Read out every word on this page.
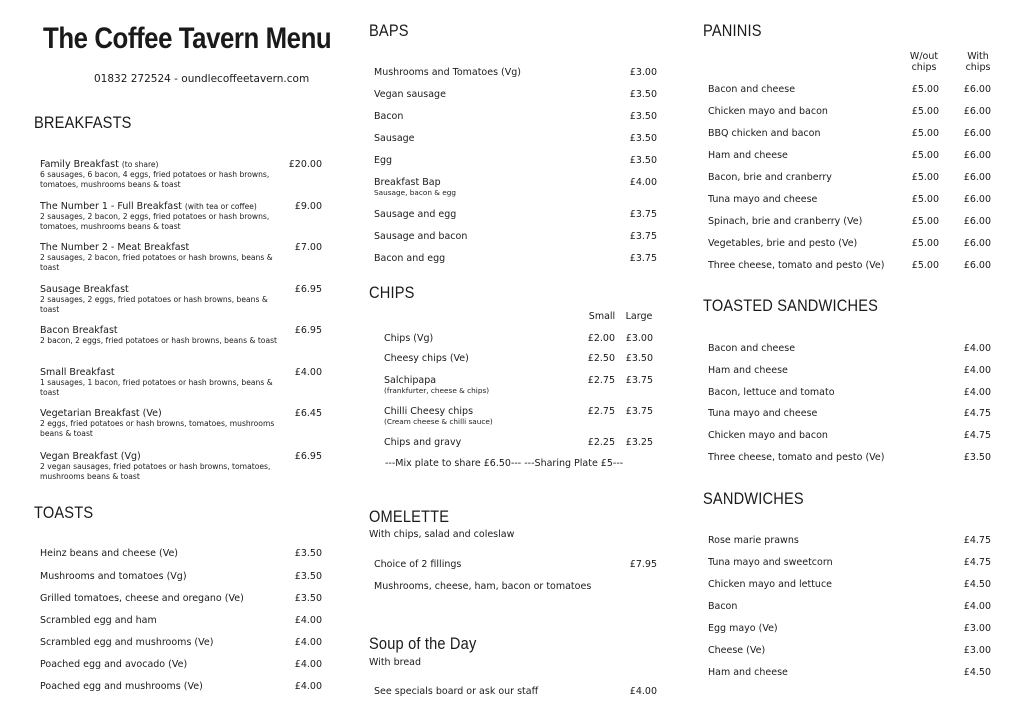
The Coffee Tavern Menu
01832 272524 - oundlecoffeetavern.com
BREAKFASTS
Family Breakfast (to share)
6 sausages, 6 bacon, 4 eggs, fried potatoes or hash browns, tomatoes, mushrooms beans & toast
£20.00
The Number 1 - Full Breakfast (with tea or coffee)
2 sausages, 2 bacon, 2 eggs, fried potatoes or hash browns, tomatoes, mushrooms beans & toast
£9.00
The Number 2 - Meat Breakfast
2 sausages, 2 bacon, fried potatoes or hash browns, beans & toast
£7.00
Sausage Breakfast
2 sausages, 2 eggs, fried potatoes or hash browns, beans & toast
£6.95
Bacon Breakfast
2 bacon, 2 eggs, fried potatoes or hash browns, beans & toast
£6.95
Small Breakfast
1 sausages, 1 bacon, fried potatoes or hash browns, beans & toast
£4.00
Vegetarian Breakfast (Ve)
2 eggs, fried potatoes or hash browns, tomatoes, mushrooms beans & toast
£6.45
Vegan Breakfast (Vg)
2 vegan sausages, fried potatoes or hash browns, tomatoes, mushrooms beans & toast
£6.95
TOASTS
Heinz beans and cheese (Ve)	£3.50
Mushrooms and tomatoes (Vg)	£3.50
Grilled tomatoes, cheese and oregano (Ve)	£3.50
Scrambled egg and ham	£4.00
Scrambled egg and mushrooms (Ve)	£4.00
Poached egg and avocado (Ve)	£4.00
Poached egg and mushrooms (Ve)	£4.00
BAPS
Mushrooms and Tomatoes (Vg)	£3.00
Vegan sausage	£3.50
Bacon	£3.50
Sausage	£3.50
Egg	£3.50
Breakfast Bap
Sausage, bacon & egg
£4.00
Sausage and egg	£3.75
Sausage and bacon	£3.75
Bacon and egg	£3.75
CHIPS
Small	Large
Chips (Vg)	£2.00	£3.00
Cheesy chips (Ve)	£2.50	£3.50
Salchipapa
(frankfurter, cheese & chips)
£2.75	£3.75
Chilli Cheesy chips
(Cream cheese & chilli sauce)
£2.75	£3.75
Chips and gravy	£2.25	£3.25
---Mix plate to share £6.50--- ---Sharing Plate £5---
OMELETTE
With chips, salad and coleslaw
Choice of 2 fillings	£7.95
Mushrooms, cheese, ham, bacon or tomatoes
Soup of the Day
With bread
See specials board or ask our staff	£4.00
PANINIS
W/out
chips
With
chips
Bacon and cheese	£5.00	£6.00
Chicken mayo and bacon	£5.00	£6.00
BBQ chicken and bacon	£5.00	£6.00
Ham and cheese	£5.00	£6.00
Bacon, brie and cranberry	£5.00	£6.00
Tuna mayo and cheese	£5.00	£6.00
Spinach, brie and cranberry (Ve)	£5.00	£6.00
Vegetables, brie and pesto (Ve)	£5.00	£6.00
Three cheese, tomato and pesto (Ve)	£5.00	£6.00
TOASTED SANDWICHES
Bacon and cheese	£4.00
Ham and cheese	£4.00
Bacon, lettuce and tomato	£4.00
Tuna mayo and cheese	£4.75
Chicken mayo and bacon	£4.75
Three cheese, tomato and pesto (Ve)	£3.50
SANDWICHES
Rose marie prawns	£4.75
Tuna mayo and sweetcorn	£4.75
Chicken mayo and lettuce	£4.50
Bacon	£4.00
Egg mayo (Ve)	£3.00
Cheese (Ve)	£3.00
Ham and cheese	£4.50
